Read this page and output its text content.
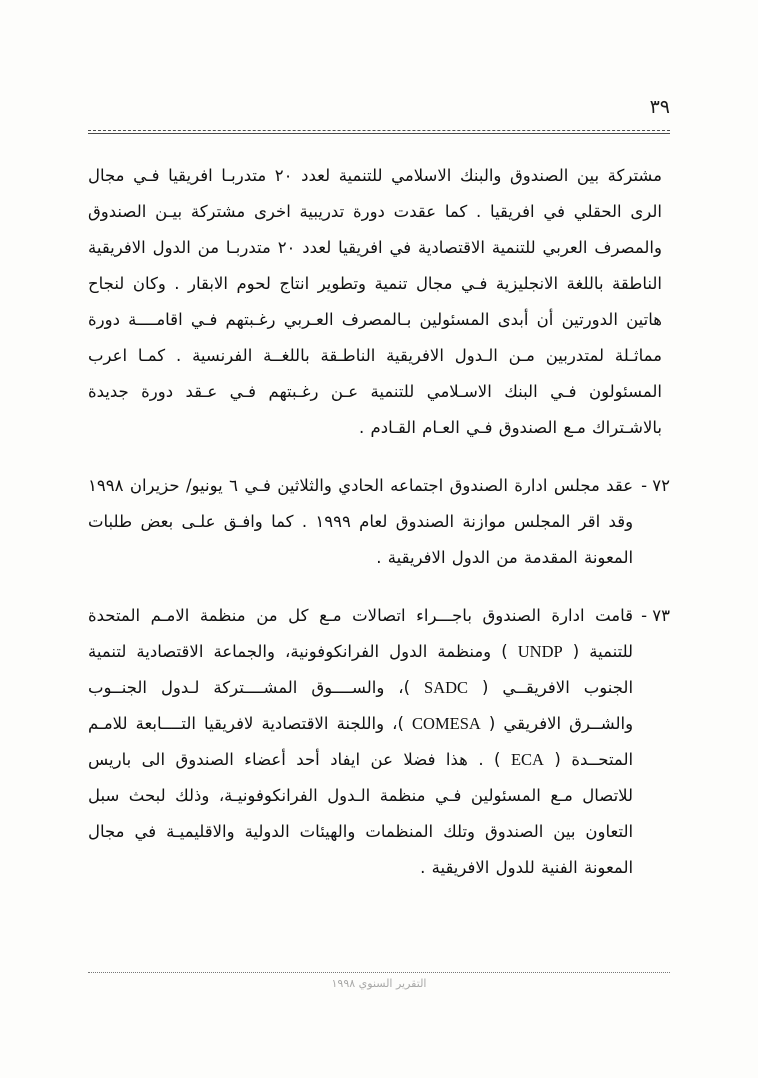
٣٩
مشتركة بين الصندوق والبنك الاسلامي للتنمية لعدد ٢٠ متدربـا افريقيا فـي مجال الرى الحقلي في افريقيا . كما عقدت دورة تدريبية اخرى مشتركة بيـن الصندوق والمصرف العربي للتنمية الاقتصادية في افريقيا لعدد ٢٠ متدربـا من الدول الافريقية الناطقة باللغة الانجليزية فـي مجال تنمية وتطوير انتاج لحوم الابقار . وكان لنجاح هاتين الدورتين أن أبدى المسئولين بـالمصرف العـربي رغـبتهم فـي اقامــــة دورة مماثـلة لمتدربين مـن الـدول الافريقية الناطـقة باللغــة الفرنسية . كمـا اعرب المسئولون فـي البنك الاسـلامي للتنمية عـن رغـبتهم فـي عـقد دورة جديدة بالاشـتراك مـع الصندوق فـي العـام القـادم .
٧٢ -
عقد مجلس ادارة الصندوق اجتماعه الحادي والثلاثين فـي ٦ يونيو/ حزيران ١٩٩٨ وقد اقر المجلس موازنة الصندوق لعام ١٩٩٩ . كما وافـق علـى بعض طلبات المعونة المقدمة من الدول الافريقية .
٧٣ -
قامت ادارة الصندوق باجـــراء اتصالات مـع كل من منظمة الامـم المتحدة للتنمية ( UNDP ) ومنظمة الدول الفرانكوفونية، والجماعة الاقتصادية لتنمية الجنوب الافريقــي ( SADC )، والســــوق المشــــتركة لـدول الجنــوب والشــرق الافريقي ( COMESA )، واللجنة الاقتصادية لافريقيا التــــابعة للامـم المتحــدة ( ECA ) . هذا فضلا عن ايفاد أحد أعضاء الصندوق الى باريس للاتصال مـع المسئولين فـي منظمة الـدول الفرانكوفونيـة، وذلك لبحث سبل التعاون بين الصندوق وتلك المنظمات والهيئات الدولية والاقليميـة في مجال المعونة الفنية للدول الافريقية .
التقرير السنوي ١٩٩٨
